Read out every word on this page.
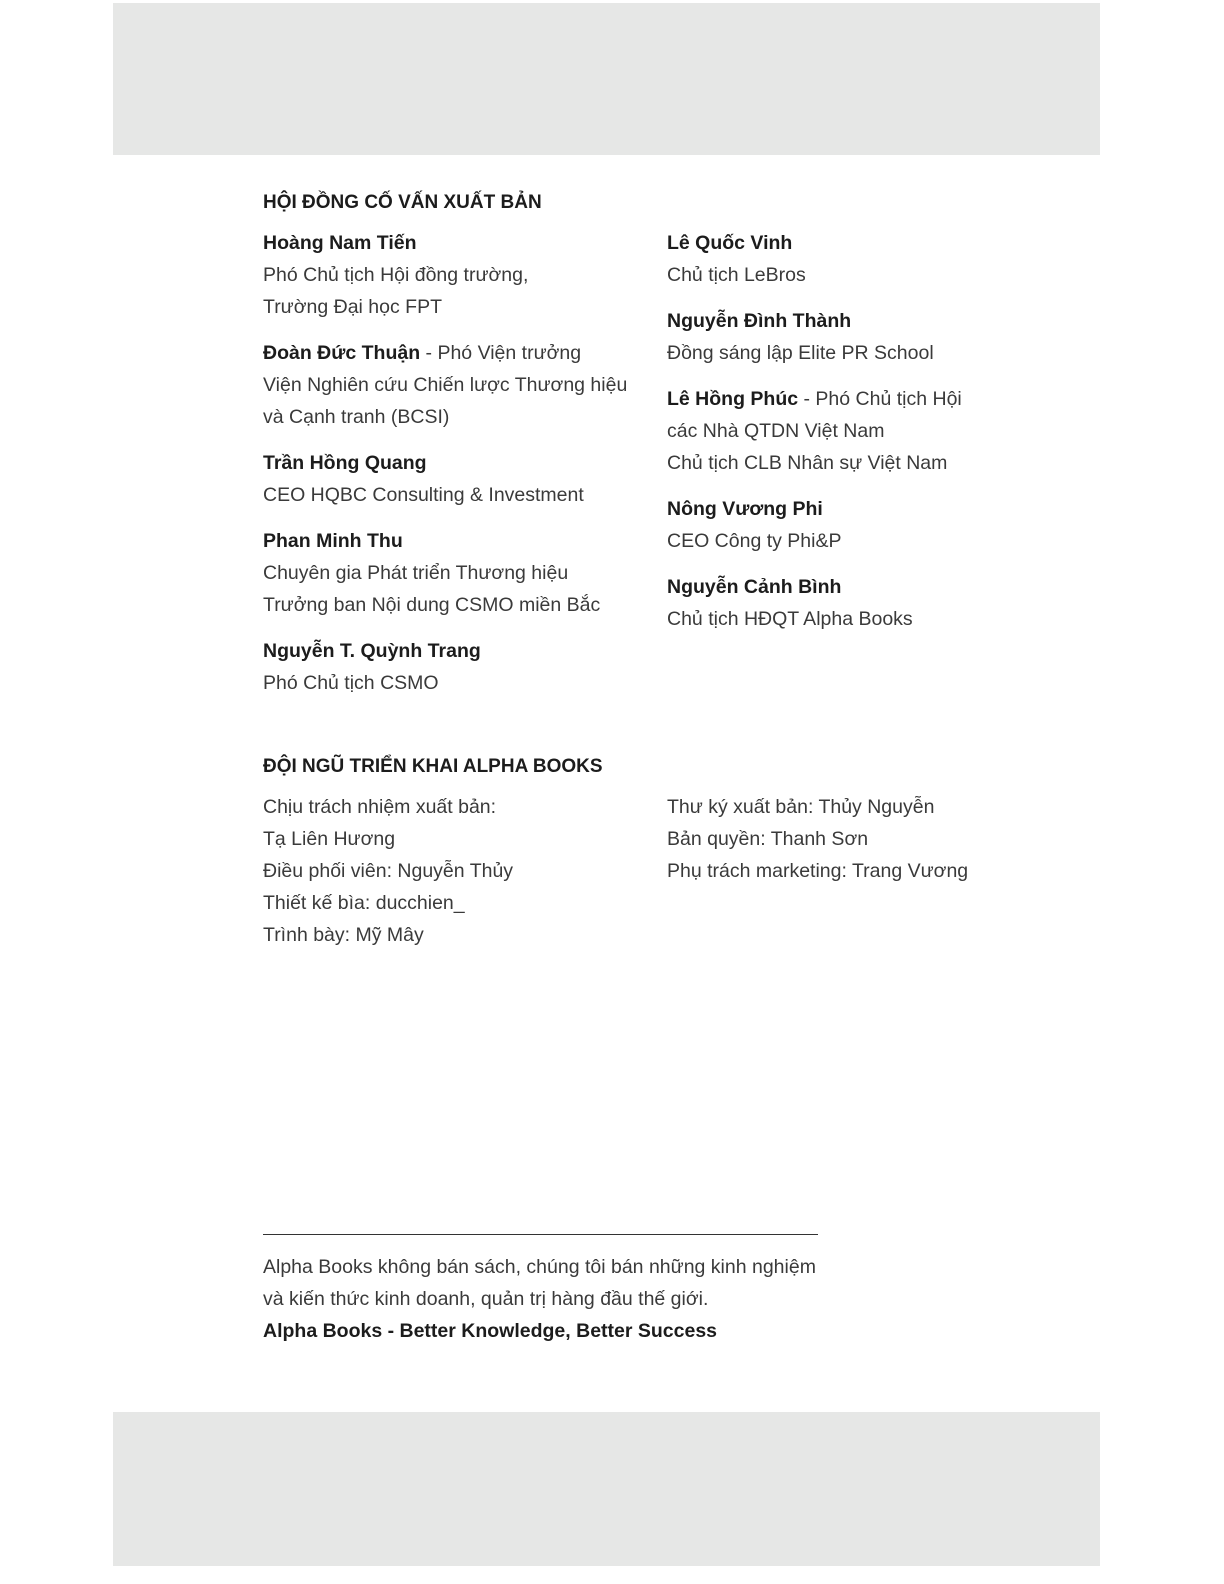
HỘI ĐỒNG CỐ VẤN XUẤT BẢN
Hoàng Nam Tiến
Phó Chủ tịch Hội đồng trường,
Trường Đại học FPT
Đoàn Đức Thuận - Phó Viện trưởng
Viện Nghiên cứu Chiến lược Thương hiệu
và Cạnh tranh (BCSI)
Trần Hồng Quang
CEO HQBC Consulting & Investment
Phan Minh Thu
Chuyên gia Phát triển Thương hiệu
Trưởng ban Nội dung CSMO miền Bắc
Nguyễn T. Quỳnh Trang
Phó Chủ tịch CSMO
Lê Quốc Vinh
Chủ tịch LeBros
Nguyễn Đình Thành
Đồng sáng lập Elite PR School
Lê Hồng Phúc - Phó Chủ tịch Hội
các Nhà QTDN Việt Nam
Chủ tịch CLB Nhân sự Việt Nam
Nông Vương Phi
CEO Công ty Phi&P
Nguyễn Cảnh Bình
Chủ tịch HĐQT Alpha Books
ĐỘI NGŨ TRIỂN KHAI ALPHA BOOKS
Chịu trách nhiệm xuất bản:
Tạ Liên Hương
Điều phối viên: Nguyễn Thủy
Thiết kế bìa: ducchien_
Trình bày: Mỹ Mây
Thư ký xuất bản: Thủy Nguyễn
Bản quyền: Thanh Sơn
Phụ trách marketing: Trang Vương
Alpha Books không bán sách, chúng tôi bán những kinh nghiệm
và kiến thức kinh doanh, quản trị hàng đầu thế giới.
Alpha Books - Better Knowledge, Better Success
